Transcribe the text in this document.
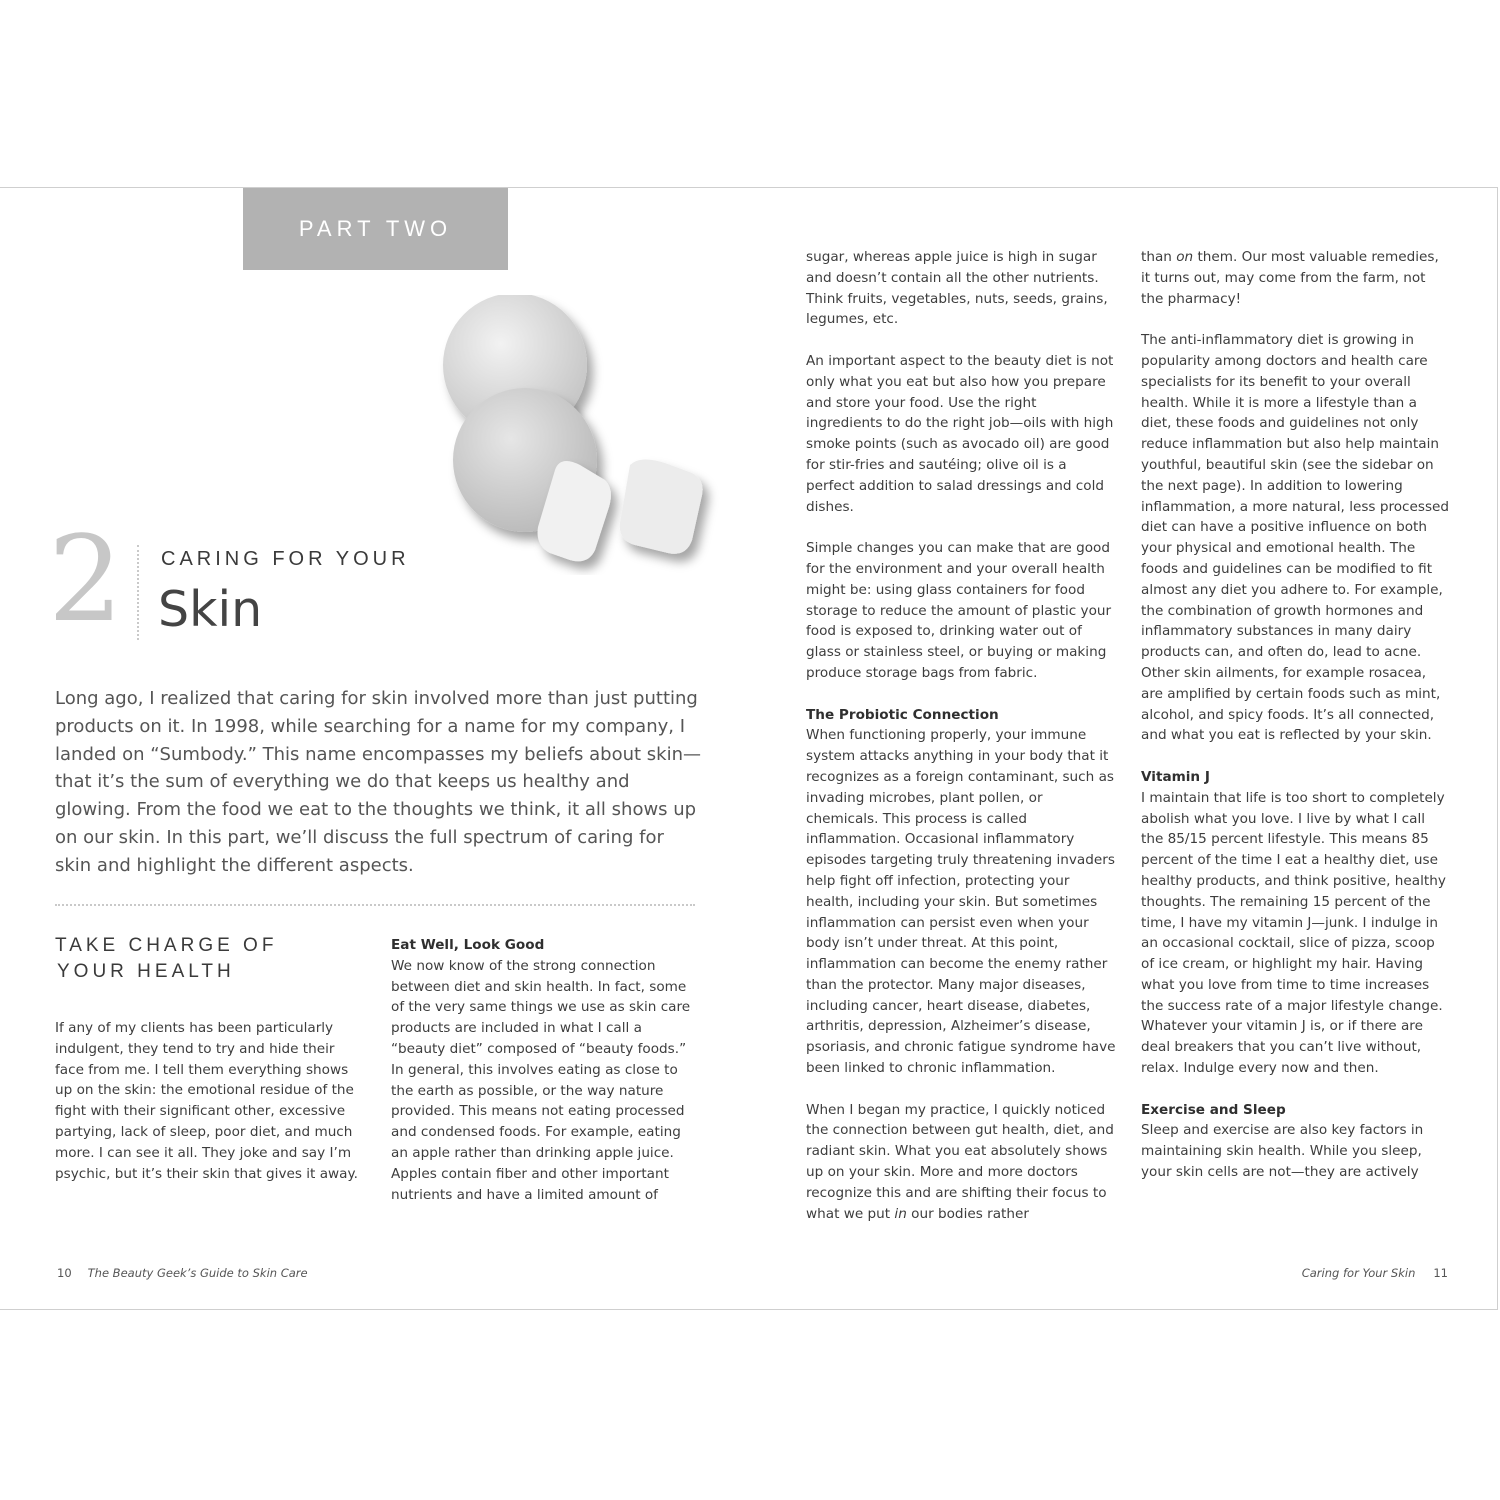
PART TWO
2 CARING FOR YOUR
Skin

Long ago, I realized that caring for skin involved more than just putting products on it. In 1998, while searching for a name for my company, I landed on “Sumbody.” This name encompasses my beliefs about skin—that it’s the sum of everything we do that keeps us healthy and glowing. From the food we eat to the thoughts we think, it all shows up on our skin. In this part, we’ll discuss the full spectrum of caring for skin and highlight the different aspects.

TAKE CHARGE OF
YOUR HEALTH

If any of my clients has been particularly indulgent, they tend to try and hide their face from me. I tell them everything shows up on the skin: the emotional residue of the fight with their significant other, excessive partying, lack of sleep, poor diet, and much more. I can see it all. They joke and say I’m psychic, but it’s their skin that gives it away.

Eat Well, Look Good

We now know of the strong connection between diet and skin health. In fact, some of the very same things we use as skin care products are included in what I call a “beauty diet” composed of “beauty foods.” In general, this involves eating as close to the earth as possible, or the way nature provided. This means not eating processed and condensed foods. For example, eating an apple rather than drinking apple juice. Apples contain fiber and other important nutrients and have a limited amount of

sugar, whereas apple juice is high in sugar and doesn’t contain all the other nutrients. Think fruits, vegetables, nuts, seeds, grains, legumes, etc.

An important aspect to the beauty diet is not only what you eat but also how you prepare and store your food. Use the right ingredients to do the right job—oils with high smoke points (such as avocado oil) are good for stir-fries and sautéing; olive oil is a perfect addition to salad dressings and cold dishes.

Simple changes you can make that are good for the environment and your overall health might be: using glass containers for food storage to reduce the amount of plastic your food is exposed to, drinking water out of glass or stainless steel, or buying or making produce storage bags from fabric.

The Probiotic Connection

When functioning properly, your immune system attacks anything in your body that it recognizes as a foreign contaminant, such as invading microbes, plant pollen, or chemicals. This process is called inflammation. Occasional inflammatory episodes targeting truly threatening invaders help fight off infection, protecting your health, including your skin. But sometimes inflammation can persist even when your body isn’t under threat. At this point, inflammation can become the enemy rather than the protector. Many major diseases, including cancer, heart disease, diabetes, arthritis, depression, Alzheimer’s disease, psoriasis, and chronic fatigue syndrome have been linked to chronic inflammation.

When I began my practice, I quickly noticed the connection between gut health, diet, and radiant skin. What you eat absolutely shows up on your skin. More and more doctors recognize this and are shifting their focus to what we put in our bodies rather

than on them. Our most valuable remedies, it turns out, may come from the farm, not the pharmacy!

The anti-inflammatory diet is growing in popularity among doctors and health care specialists for its benefit to your overall health. While it is more a lifestyle than a diet, these foods and guidelines not only reduce inflammation but also help maintain youthful, beautiful skin (see the sidebar on the next page). In addition to lowering inflammation, a more natural, less processed diet can have a positive influence on both your physical and emotional health. The foods and guidelines can be modified to fit almost any diet you adhere to. For example, the combination of growth hormones and inflammatory substances in many dairy products can, and often do, lead to acne. Other skin ailments, for example rosacea, are amplified by certain foods such as mint, alcohol, and spicy foods. It’s all connected, and what you eat is reflected by your skin.

Vitamin J

I maintain that life is too short to completely abolish what you love. I live by what I call the 85/15 percent lifestyle. This means 85 percent of the time I eat a healthy diet, use healthy products, and think positive, healthy thoughts. The remaining 15 percent of the time, I have my vitamin J—junk. I indulge in an occasional cocktail, slice of pizza, scoop of ice cream, or highlight my hair. Having what you love from time to time increases the success rate of a major lifestyle change. Whatever your vitamin J is, or if there are deal breakers that you can’t live without, relax. Indulge every now and then.

Exercise and Sleep

Sleep and exercise are also key factors in maintaining skin health. While you sleep, your skin cells are not—they are actively

10 The Beauty Geek’s Guide to Skin Care	Caring for Your Skin 11
